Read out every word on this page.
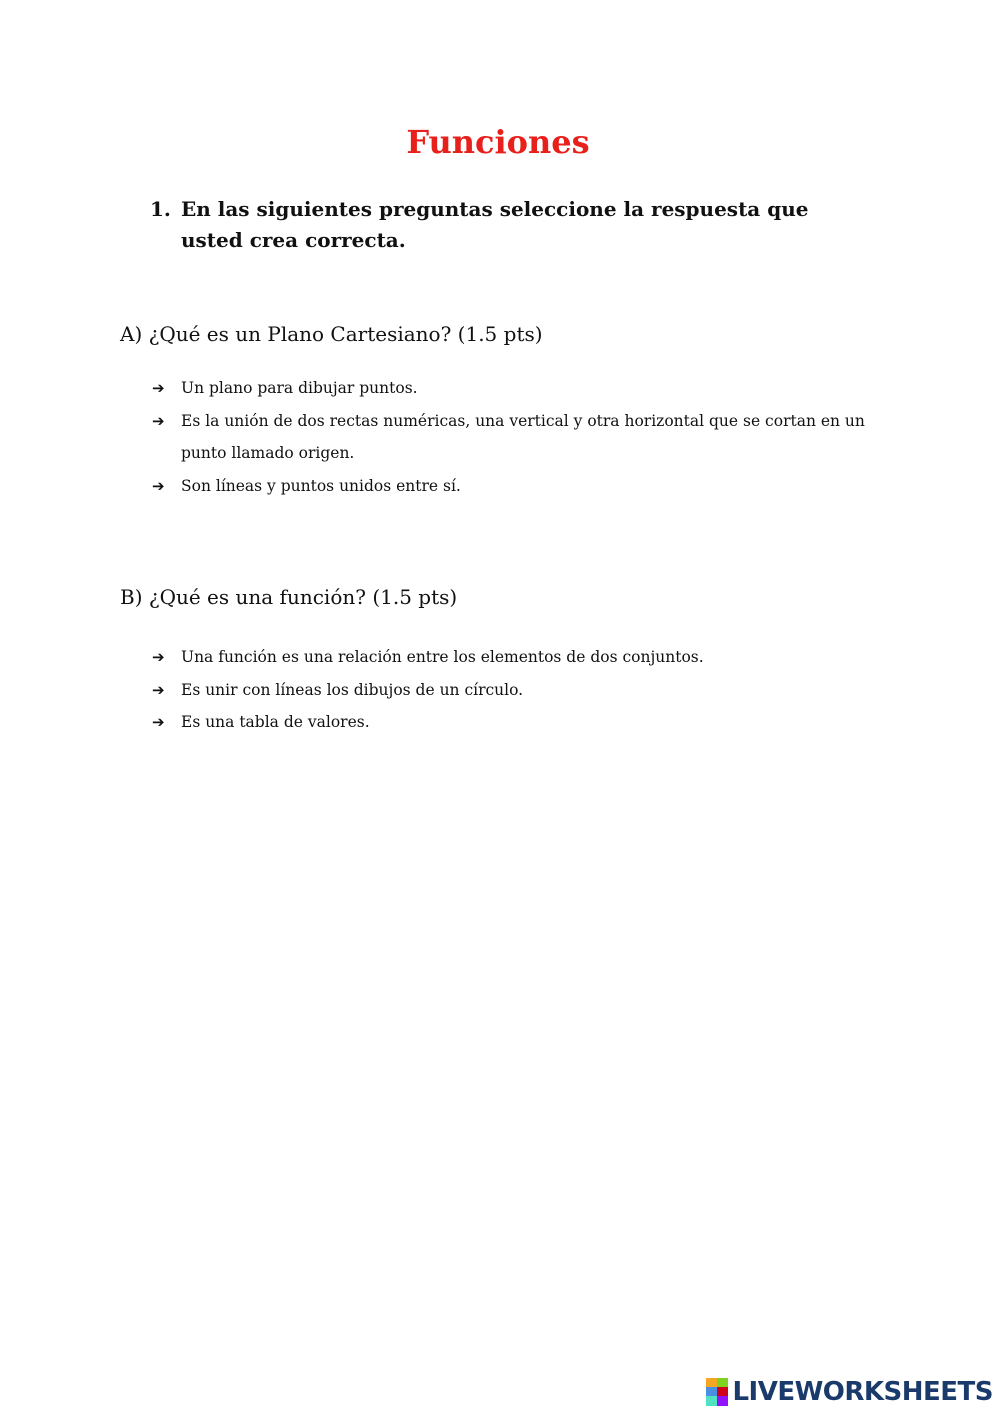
Funciones
1. En las siguientes preguntas seleccione la respuesta que usted crea correcta.
A) ¿Qué es un Plano Cartesiano? (1.5 pts)
➔ Un plano para dibujar puntos.
➔ Es la unión de dos rectas numéricas, una vertical y otra horizontal que se cortan en un punto llamado origen.
➔ Son líneas y puntos unidos entre sí.
B) ¿Qué es una función? (1.5 pts)
➔ Una función es una relación entre los elementos de dos conjuntos.
➔ Es unir con líneas los dibujos de un círculo.
➔ Es una tabla de valores.
LIVEWORKSHEETS
